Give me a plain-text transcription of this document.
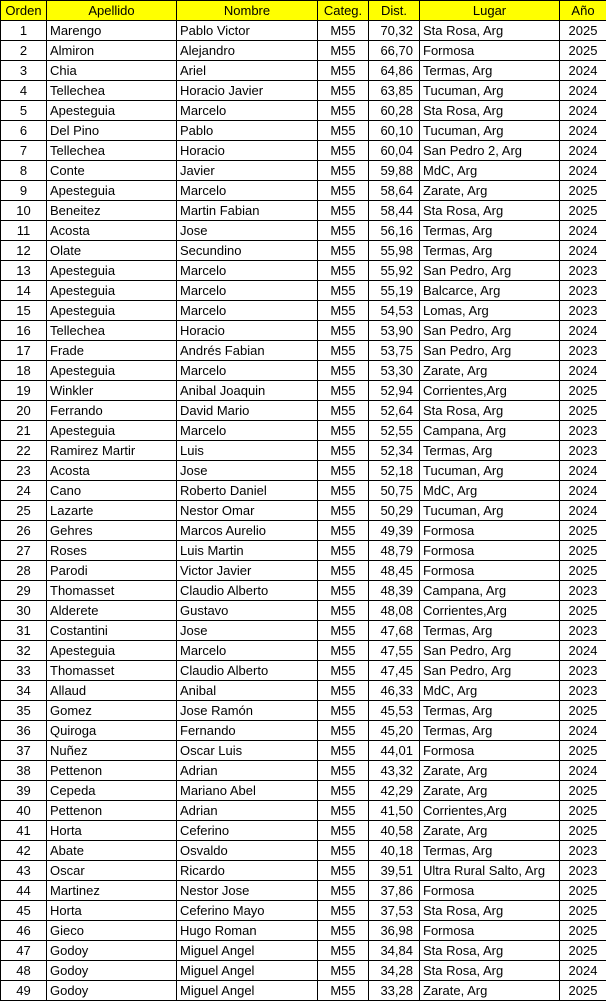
Orden	Apellido	Nombre	Categ.	Dist.	Lugar	Año
1	Marengo	Pablo Victor	M55	70,32	Sta Rosa, Arg	2025
2	Almiron	Alejandro	M55	66,70	Formosa	2025
3	Chia	Ariel	M55	64,86	Termas, Arg	2024
4	Tellechea	Horacio Javier	M55	63,85	Tucuman, Arg	2024
5	Apesteguia	Marcelo	M55	60,28	Sta Rosa, Arg	2024
6	Del Pino	Pablo	M55	60,10	Tucuman, Arg	2024
7	Tellechea	Horacio	M55	60,04	San Pedro 2, Arg	2024
8	Conte	Javier	M55	59,88	MdC, Arg	2024
9	Apesteguia	Marcelo	M55	58,64	Zarate, Arg	2025
10	Beneitez	Martin Fabian	M55	58,44	Sta Rosa, Arg	2025
11	Acosta	Jose	M55	56,16	Termas, Arg	2024
12	Olate	Secundino	M55	55,98	Termas, Arg	2024
13	Apesteguia	Marcelo	M55	55,92	San Pedro, Arg	2023
14	Apesteguia	Marcelo	M55	55,19	Balcarce, Arg	2023
15	Apesteguia	Marcelo	M55	54,53	Lomas, Arg	2023
16	Tellechea	Horacio	M55	53,90	San Pedro, Arg	2024
17	Frade	Andrés Fabian	M55	53,75	San Pedro, Arg	2023
18	Apesteguia	Marcelo	M55	53,30	Zarate, Arg	2024
19	Winkler	Anibal Joaquin	M55	52,94	Corrientes,Arg	2025
20	Ferrando	David Mario	M55	52,64	Sta Rosa, Arg	2025
21	Apesteguia	Marcelo	M55	52,55	Campana, Arg	2023
22	Ramirez Martir	Luis	M55	52,34	Termas, Arg	2023
23	Acosta	Jose	M55	52,18	Tucuman, Arg	2024
24	Cano	Roberto Daniel	M55	50,75	MdC, Arg	2024
25	Lazarte	Nestor Omar	M55	50,29	Tucuman, Arg	2024
26	Gehres	Marcos Aurelio	M55	49,39	Formosa	2025
27	Roses	Luis Martin	M55	48,79	Formosa	2025
28	Parodi	Victor Javier	M55	48,45	Formosa	2025
29	Thomasset	Claudio Alberto	M55	48,39	Campana, Arg	2023
30	Alderete	Gustavo	M55	48,08	Corrientes,Arg	2025
31	Costantini	Jose	M55	47,68	Termas, Arg	2023
32	Apesteguia	Marcelo	M55	47,55	San Pedro, Arg	2024
33	Thomasset	Claudio Alberto	M55	47,45	San Pedro, Arg	2023
34	Allaud	Anibal	M55	46,33	MdC, Arg	2023
35	Gomez	Jose Ramón	M55	45,53	Termas, Arg	2025
36	Quiroga	Fernando	M55	45,20	Termas, Arg	2024
37	Nuñez	Oscar Luis	M55	44,01	Formosa	2025
38	Pettenon	Adrian	M55	43,32	Zarate, Arg	2024
39	Cepeda	Mariano Abel	M55	42,29	Zarate, Arg	2025
40	Pettenon	Adrian	M55	41,50	Corrientes,Arg	2025
41	Horta	Ceferino	M55	40,58	Zarate, Arg	2025
42	Abate	Osvaldo	M55	40,18	Termas, Arg	2023
43	Oscar	Ricardo	M55	39,51	Ultra Rural Salto, Arg	2023
44	Martinez	Nestor Jose	M55	37,86	Formosa	2025
45	Horta	Ceferino Mayo	M55	37,53	Sta Rosa, Arg	2025
46	Gieco	Hugo Roman	M55	36,98	Formosa	2025
47	Godoy	Miguel Angel	M55	34,84	Sta Rosa, Arg	2025
48	Godoy	Miguel Angel	M55	34,28	Sta Rosa, Arg	2024
49	Godoy	Miguel Angel	M55	33,28	Zarate, Arg	2025
